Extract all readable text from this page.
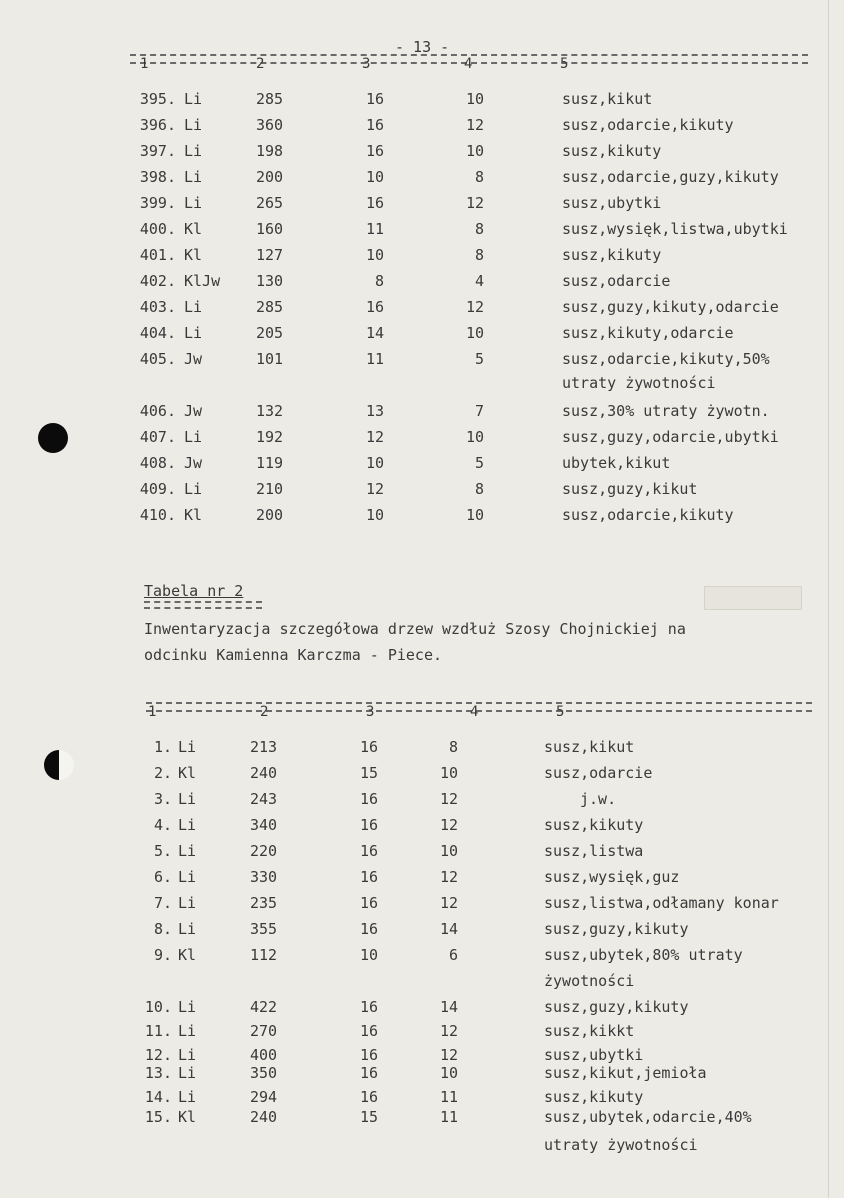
- 13 -
1	2	3	4	5
395. Li	285	16	10	susz,kikut
396. Li	360	16	12	susz,odarcie,kikuty
397. Li	198	16	10	susz,kikuty
398. Li	200	10	8	susz,odarcie,guzy,kikuty
399. Li	265	16	12	susz,ubytki
400. Kl	160	11	8	susz,wysięk,listwa,ubytki
401. Kl	127	10	8	susz,kikuty
402. KlJw 130	8	4	susz,odarcie
403. Li	285	16	12	susz,guzy,kikuty,odarcie
404. Li	205	14	10	susz,kikuty,odarcie
405. Jw	101	11	5	susz,odarcie,kikuty,50%
utraty żywotności
406. Jw	132	13	7	susz,30% utraty żywotn.
407. Li	192	12	10	susz,guzy,odarcie,ubytki
408. Jw	119	10	5	ubytek,kikut
409. Li	210	12	8	susz,guzy,kikut
410. Kl	200	10	10	susz,odarcie,kikuty
Tabela nr 2
Inwentaryzacja szczegółowa drzew wzdłuż Szosy Chojnickiej na
odcinku Kamienna Karczma - Piece.
1	2	3	4	5
1. Li	213	16	8	susz,kikut
2. Kl	240	15	10	susz,odarcie
3. Li	243	16	12	j.w.
4. Li	340	16	12	susz,kikuty
5. Li	220	16	10	susz,listwa
6. Li	330	16	12	susz,wysięk,guz
7. Li	235	16	12	susz,listwa,odłamany konar
8. Li	355	16	14	susz,guzy,kikuty
9. Kl	112	10	6	susz,ubytek,80% utraty
żywotności
10. Li	422	16	14	susz,guzy,kikuty
11. Li	270	16	12	susz,kikkt
12. Li	400	16	12	susz,ubytki
13. Li	350	16	10	susz,kikut,jemioła
14. Li	294	16	11	susz,kikuty
15. Kl	240	15	11	susz,ubytek,odarcie,40%
utraty żywotności
